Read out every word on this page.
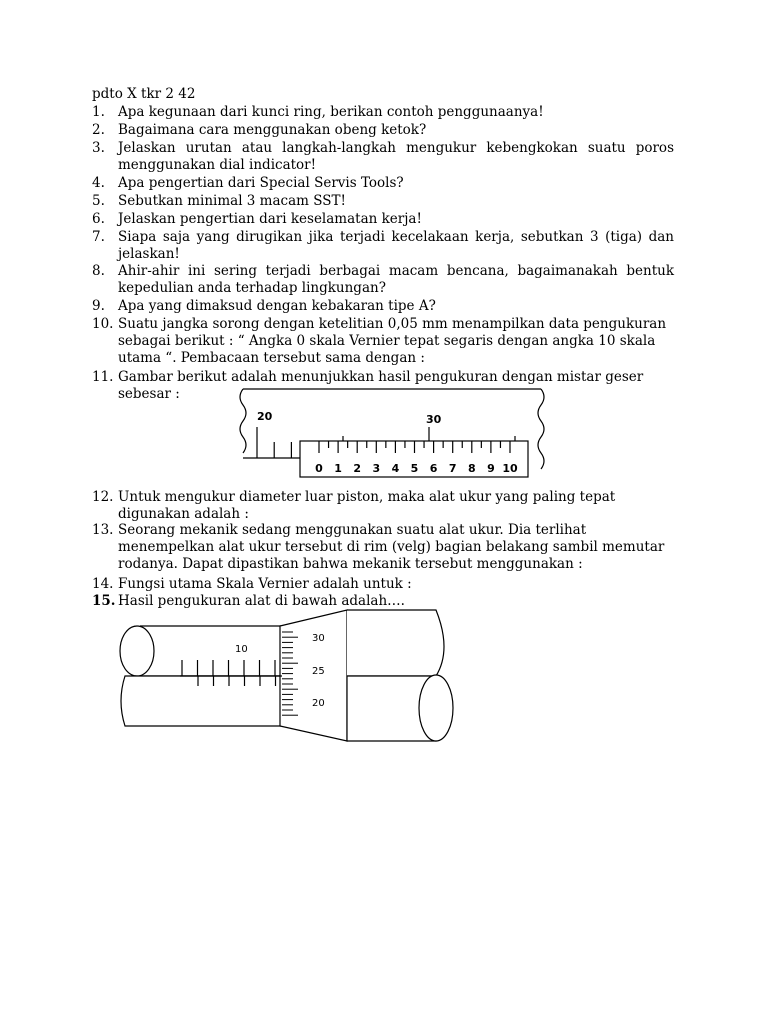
pdto X tkr 2 42
1. Apa kegunaan dari kunci ring, berikan contoh penggunaanya!
2. Bagaimana cara menggunakan obeng ketok?
3. Jelaskan urutan atau langkah-langkah mengukur kebengkokan suatu poros menggunakan dial indicator!
4. Apa pengertian dari Special Servis Tools?
5. Sebutkan minimal 3 macam SST!
6. Jelaskan pengertian dari keselamatan kerja!
7. Siapa saja yang dirugikan jika terjadi kecelakaan kerja, sebutkan 3 (tiga) dan jelaskan!
8. Ahir-ahir ini sering terjadi berbagai macam bencana, bagaimanakah bentuk kepedulian anda terhadap lingkungan?
9. Apa yang dimaksud dengan kebakaran tipe A?
10. Suatu jangka sorong dengan ketelitian 0,05 mm menampilkan data pengukuran sebagai berikut : “ Angka 0 skala Vernier tepat segaris dengan angka 10 skala utama “. Pembacaan tersebut sama dengan :
11. Gambar berikut adalah menunjukkan hasil pengukuran dengan mistar geser sebesar :
20	30
0 1 2 3 4 5 6 7 8 9 10
12. Untuk mengukur diameter luar piston, maka alat ukur yang paling tepat digunakan adalah :
13. Seorang mekanik sedang menggunakan suatu alat ukur. Dia terlihat menempelkan alat ukur tersebut di rim (velg) bagian belakang sambil memutar rodanya. Dapat dipastikan bahwa mekanik tersebut menggunakan :
14. Fungsi utama Skala Vernier adalah untuk :
15. Hasil pengukuran alat di bawah adalah….
10
30
25
20
